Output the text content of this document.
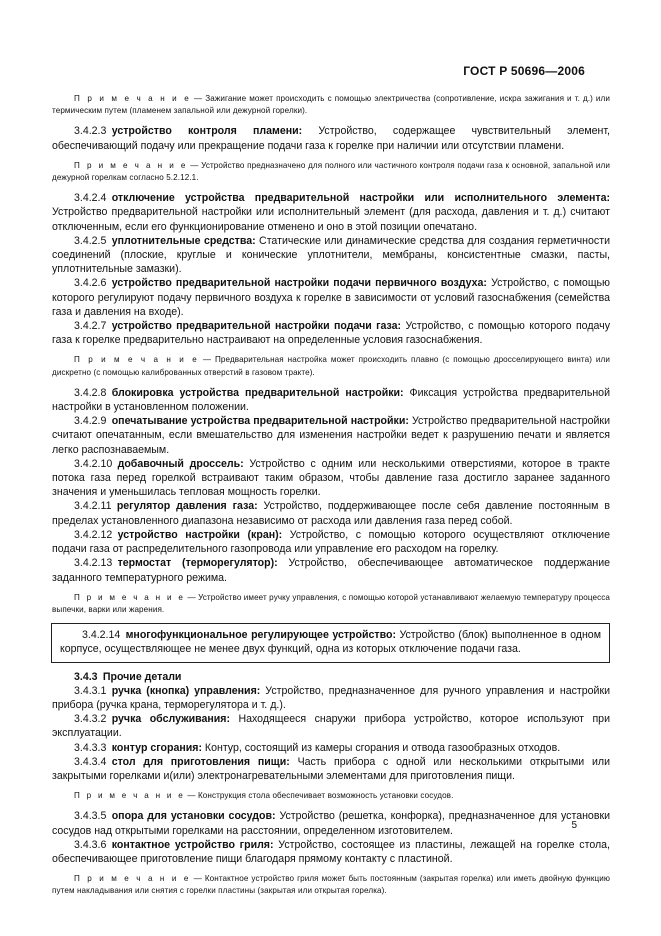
ГОСТ Р 50696—2006

П р и м е ч а н и е — Зажигание может происходить с помощью электричества (сопротивление, искра зажигания и т. д.) или термическим путем (пламенем запальной или дежурной горелки).

3.4.2.3  устройство контроля пламени: Устройство, содержащее чувствительный элемент, обеспечивающий подачу или прекращение подачи газа к горелке при наличии или отсутствии пламени.

П р и м е ч а н и е — Устройство предназначено для полного или частичного контроля подачи газа к основной, запальной или дежурной горелкам согласно 5.2.12.1.

3.4.2.4  отключение устройства предварительной настройки или исполнительного элемента: Устройство предварительной настройки или исполнительный элемент (для расхода, давления и т. д.) считают отключенным, если его функционирование отменено и оно в этой позиции опечатано.

3.4.2.5  уплотнительные средства: Статические или динамические средства для создания герметичности соединений (плоские, круглые и конические уплотнители, мембраны, консистентные смазки, пасты, уплотнительные замазки).

3.4.2.6  устройство предварительной настройки подачи первичного воздуха: Устройство, с помощью которого регулируют подачу первичного воздуха к горелке в зависимости от условий газоснабжения (семейства газа и давления на входе).

3.4.2.7  устройство предварительной настройки подачи газа: Устройство, с помощью которого подачу газа к горелке предварительно настраивают на определенные условия газоснабжения.

П р и м е ч а н и е — Предварительная настройка может происходить плавно (с помощью дросселирующего винта) или дискретно (с помощью калиброванных отверстий в газовом тракте).

3.4.2.8  блокировка устройства предварительной настройки: Фиксация устройства предварительной настройки в установленном положении.

3.4.2.9  опечатывание устройства предварительной настройки: Устройство предварительной настройки считают опечатанным, если вмешательство для изменения настройки ведет к разрушению печати и является легко распознаваемым.

3.4.2.10  добавочный дроссель: Устройство с одним или несколькими отверстиями, которое в тракте потока газа перед горелкой встраивают таким образом, чтобы давление газа достигло заранее заданного значения и уменьшилась тепловая мощность горелки.

3.4.2.11  регулятор давления газа: Устройство, поддерживающее после себя давление постоянным в пределах установленного диапазона независимо от расхода или давления газа перед собой.

3.4.2.12  устройство настройки (кран): Устройство, с помощью которого осуществляют отключение подачи газа от распределительного газопровода или управление его расходом на горелку.

3.4.2.13  термостат (терморегулятор): Устройство, обеспечивающее автоматическое поддержание заданного температурного режима.

П р и м е ч а н и е — Устройство имеет ручку управления, с помощью которой устанавливают желаемую температуру процесса выпечки, варки или жарения.

3.4.2.14  многофункциональное регулирующее устройство: Устройство (блок) выполненное в одном корпусе, осуществляющее не менее двух функций, одна из которых отключение подачи газа.

3.4.3  Прочие детали

3.4.3.1  ручка (кнопка) управления: Устройство, предназначенное для ручного управления и настройки прибора (ручка крана, терморегулятора и т. д.).

3.4.3.2  ручка обслуживания: Находящееся снаружи прибора устройство, которое используют при эксплуатации.

3.4.3.3  контур сгорания: Контур, состоящий из камеры сгорания и отвода газообразных отходов.

3.4.3.4  стол для приготовления пищи: Часть прибора с одной или несколькими открытыми или закрытыми горелками и(или) электронагревательными элементами для приготовления пищи.

П р и м е ч а н и е — Конструкция стола обеспечивает возможность установки сосудов.

3.4.3.5  опора для установки сосудов: Устройство (решетка, конфорка), предназначенное для установки сосудов над открытыми горелками на расстоянии, определенном изготовителем.

3.4.3.6  контактное устройство гриля: Устройство, состоящее из пластины, лежащей на горелке стола, обеспечивающее приготовление пищи благодаря прямому контакту с пластиной.

П р и м е ч а н и е — Контактное устройство гриля может быть постоянным (закрытая горелка) или иметь двойную функцию путем накладывания или снятия с горелки пластины (закрытая или открытая горелка).

5
